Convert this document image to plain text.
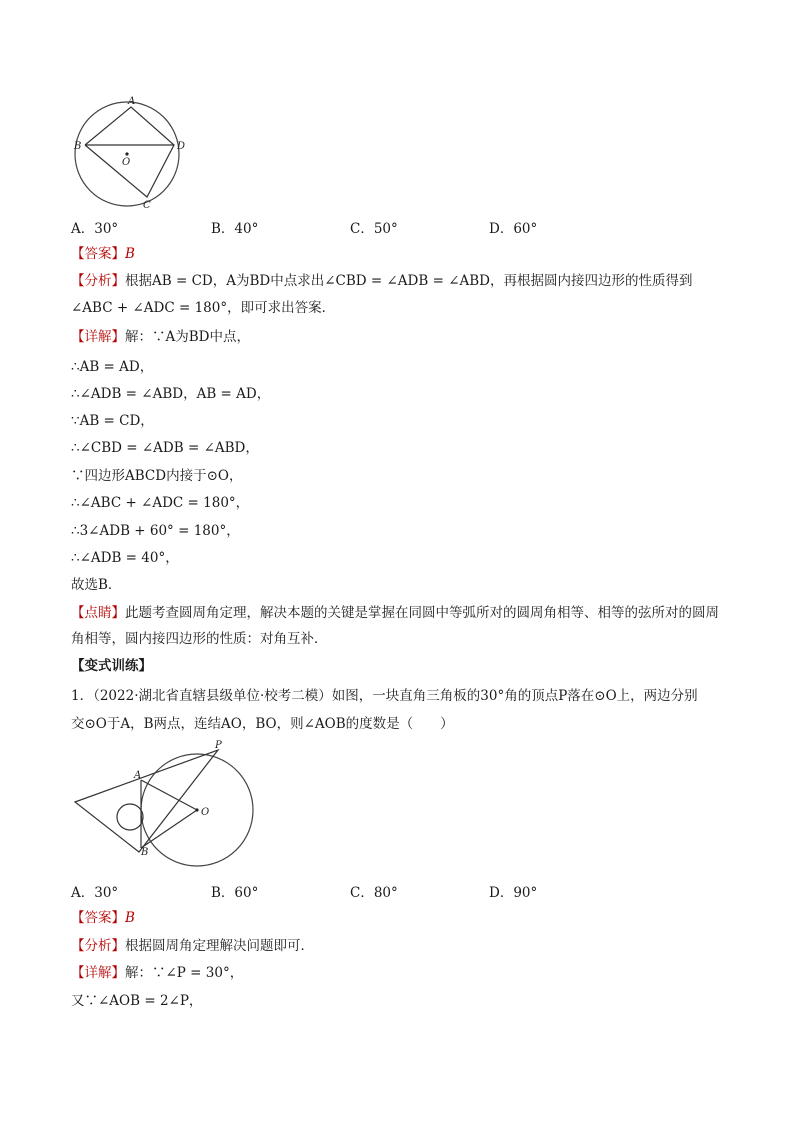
A
B
C
D
O
A．30°	B．40°	C．50°	D．60°
【答案】B
【分析】根据AB = CD，A为BD中点求出∠CBD = ∠ADB = ∠ABD，再根据圆内接四边形的性质得到
∠ABC + ∠ADC = 180°，即可求出答案．
【详解】解：∵A为BD中点，
∴AB = AD，
∴∠ADB = ∠ABD，AB = AD，
∵AB = CD，
∴∠CBD = ∠ADB = ∠ABD，
∵四边形ABCD内接于⊙O，
∴∠ABC + ∠ADC = 180°，
∴3∠ADB + 60° = 180°，
∴∠ADB = 40°，
故选B．
【点睛】此题考查圆周角定理，解决本题的关键是掌握在同圆中等弧所对的圆周角相等、相等的弦所对的圆周角相等，圆内接四边形的性质：对角互补．
【变式训练】
1．（2022·湖北省直辖县级单位·校考二模）如图，一块直角三角板的30°角的顶点P落在⊙O上，两边分别
交⊙O于A，B两点，连结AO，BO，则∠AOB的度数是（　　）
P
A
O
B
A．30°	B．60°	C．80°	D．90°
【答案】B
【分析】根据圆周角定理解决问题即可．
【详解】解：∵∠P = 30°，
又∵∠AOB = 2∠P，
